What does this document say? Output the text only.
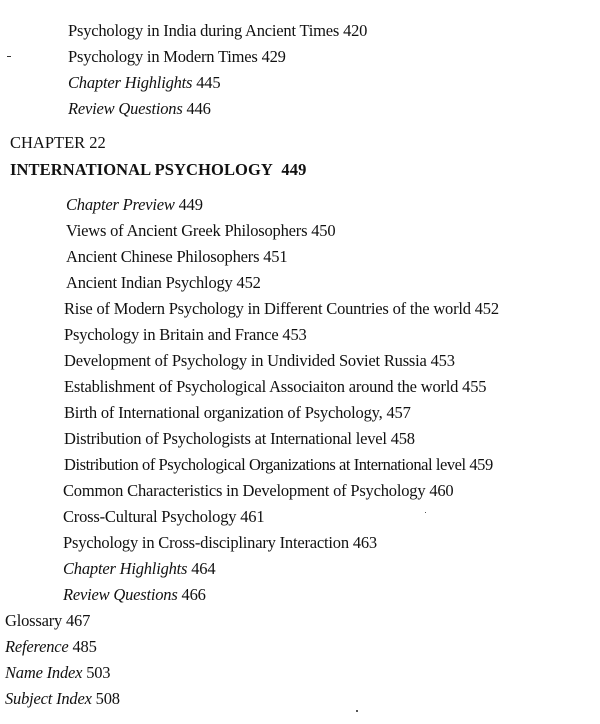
Psychology in India during Ancient Times 420
Psychology in Modern Times 429
Chapter Highlights 445
Review Questions 446
CHAPTER 22
INTERNATIONAL PSYCHOLOGY 449
Chapter Preview 449
Views of Ancient Greek Philosophers 450
Ancient Chinese Philosophers 451
Ancient Indian Psychlogy 452
Rise of Modern Psychology in Different Countries of the world 452
Psychology in Britain and France 453
Development of Psychology in Undivided Soviet Russia 453
Establishment of Psychological Associaiton around the world 455
Birth of International organization of Psychology, 457
Distribution of Psychologists at International level 458
Distribution of Psychological Organizations at International level 459
Common Characteristics in Development of Psychology 460
Cross-Cultural Psychology 461
Psychology in Cross-disciplinary Interaction 463
Chapter Highlights 464
Review Questions 466
Glossary 467
Reference 485
Name Index 503
Subject Index 508
